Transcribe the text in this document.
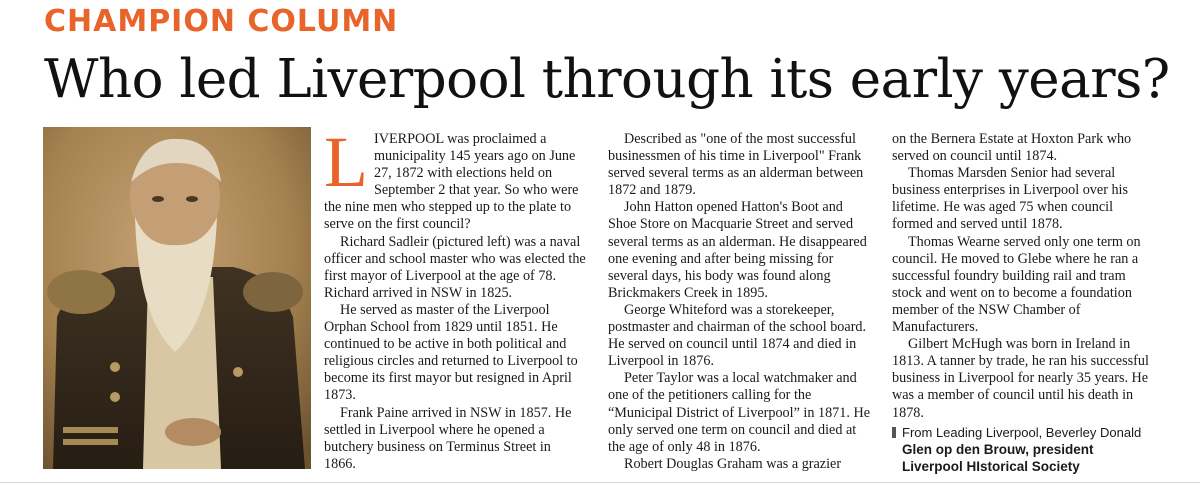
CHAMPION COLUMN
Who led Liverpool through its early years?

LIVERPOOL was proclaimed a municipality 145 years ago on June 27, 1872 with elections held on September 2 that year. So who were the nine men who stepped up to the plate to serve on the first council?

Richard Sadleir (pictured left) was a naval officer and school master who was elected the first mayor of Liverpool at the age of 78. Richard arrived in NSW in 1825.

He served as master of the Liverpool Orphan School from 1829 until 1851. He continued to be active in both political and religious circles and returned to Liverpool to become its first mayor but resigned in April 1873.

Frank Paine arrived in NSW in 1857. He settled in Liverpool where he opened a butchery business on Terminus Street in 1866.

Described as "one of the most successful businessmen of his time in Liverpool" Frank served several terms as an alderman between 1872 and 1879.

John Hatton opened Hatton's Boot and Shoe Store on Macquarie Street and served several terms as an alderman. He disappeared one evening and after being missing for several days, his body was found along Brickmakers Creek in 1895.

George Whiteford was a storekeeper, postmaster and chairman of the school board. He served on council until 1874 and died in Liverpool in 1876.

Peter Taylor was a local watchmaker and one of the petitioners calling for the “Municipal District of Liverpool” in 1871. He only served one term on council and died at the age of only 48 in 1876.

Robert Douglas Graham was a grazier

on the Bernera Estate at Hoxton Park who served on council until 1874.

Thomas Marsden Senior had several business enterprises in Liverpool over his lifetime. He was aged 75 when council formed and served until 1878.

Thomas Wearne served only one term on council. He moved to Glebe where he ran a successful foundry building rail and tram stock and went on to become a foundation member of the NSW Chamber of Manufacturers.

Gilbert McHugh was born in Ireland in 1813. A tanner by trade, he ran his successful business in Liverpool for nearly 35 years. He was a member of council until his death in 1878.

From Leading Liverpool, Beverley Donald
Glen op den Brouw, president
Liverpool HIstorical Society
